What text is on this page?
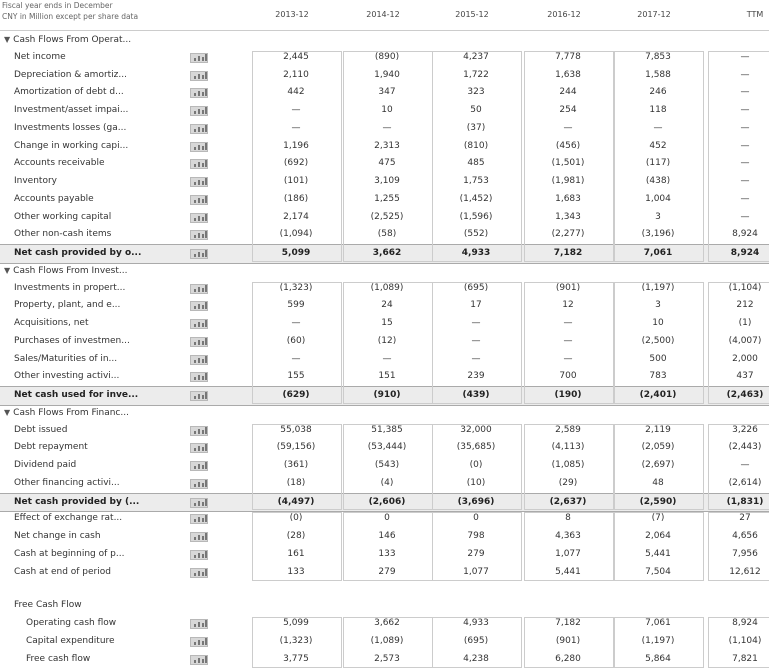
Fiscal year ends in December
CNY in Million except per share data	2013-12	2014-12	2015-12	2016-12	2017-12	TTM
▼ Cash Flows From Operat...
Net income	2,445	(890)	4,237	7,778	7,853	—
Depreciation & amortiz...	2,110	1,940	1,722	1,638	1,588	—
Amortization of debt d...	442	347	323	244	246	—
Investment/asset impai...	—	10	50	254	118	—
Investments losses (ga...	—	—	(37)	—	—	—
Change in working capi...	1,196	2,313	(810)	(456)	452	—
Accounts receivable	(692)	475	485	(1,501)	(117)	—
Inventory	(101)	3,109	1,753	(1,981)	(438)	—
Accounts payable	(186)	1,255	(1,452)	1,683	1,004	—
Other working capital	2,174	(2,525)	(1,596)	1,343	3	—
Other non-cash items	(1,094)	(58)	(552)	(2,277)	(3,196)	8,924
Net cash provided by o...	5,099	3,662	4,933	7,182	7,061	8,924
▼ Cash Flows From Invest...
Investments in propert...	(1,323)	(1,089)	(695)	(901)	(1,197)	(1,104)
Property, plant, and e...	599	24	17	12	3	212
Acquisitions, net	—	15	—	—	10	(1)
Purchases of investmen...	(60)	(12)	—	—	(2,500)	(4,007)
Sales/Maturities of in...	—	—	—	—	500	2,000
Other investing activi...	155	151	239	700	783	437
Net cash used for inve...	(629)	(910)	(439)	(190)	(2,401)	(2,463)
▼ Cash Flows From Financ...
Debt issued	55,038	51,385	32,000	2,589	2,119	3,226
Debt repayment	(59,156)	(53,444)	(35,685)	(4,113)	(2,059)	(2,443)
Dividend paid	(361)	(543)	(0)	(1,085)	(2,697)	—
Other financing activi...	(18)	(4)	(10)	(29)	48	(2,614)
Net cash provided by (...	(4,497)	(2,606)	(3,696)	(2,637)	(2,590)	(1,831)
Effect of exchange rat...	(0)	0	0	8	(7)	27
Net change in cash	(28)	146	798	4,363	2,064	4,656
Cash at beginning of p...	161	133	279	1,077	5,441	7,956
Cash at end of period	133	279	1,077	5,441	7,504	12,612
Free Cash Flow
Operating cash flow	5,099	3,662	4,933	7,182	7,061	8,924
Capital expenditure	(1,323)	(1,089)	(695)	(901)	(1,197)	(1,104)
Free cash flow	3,775	2,573	4,238	6,280	5,864	7,821
